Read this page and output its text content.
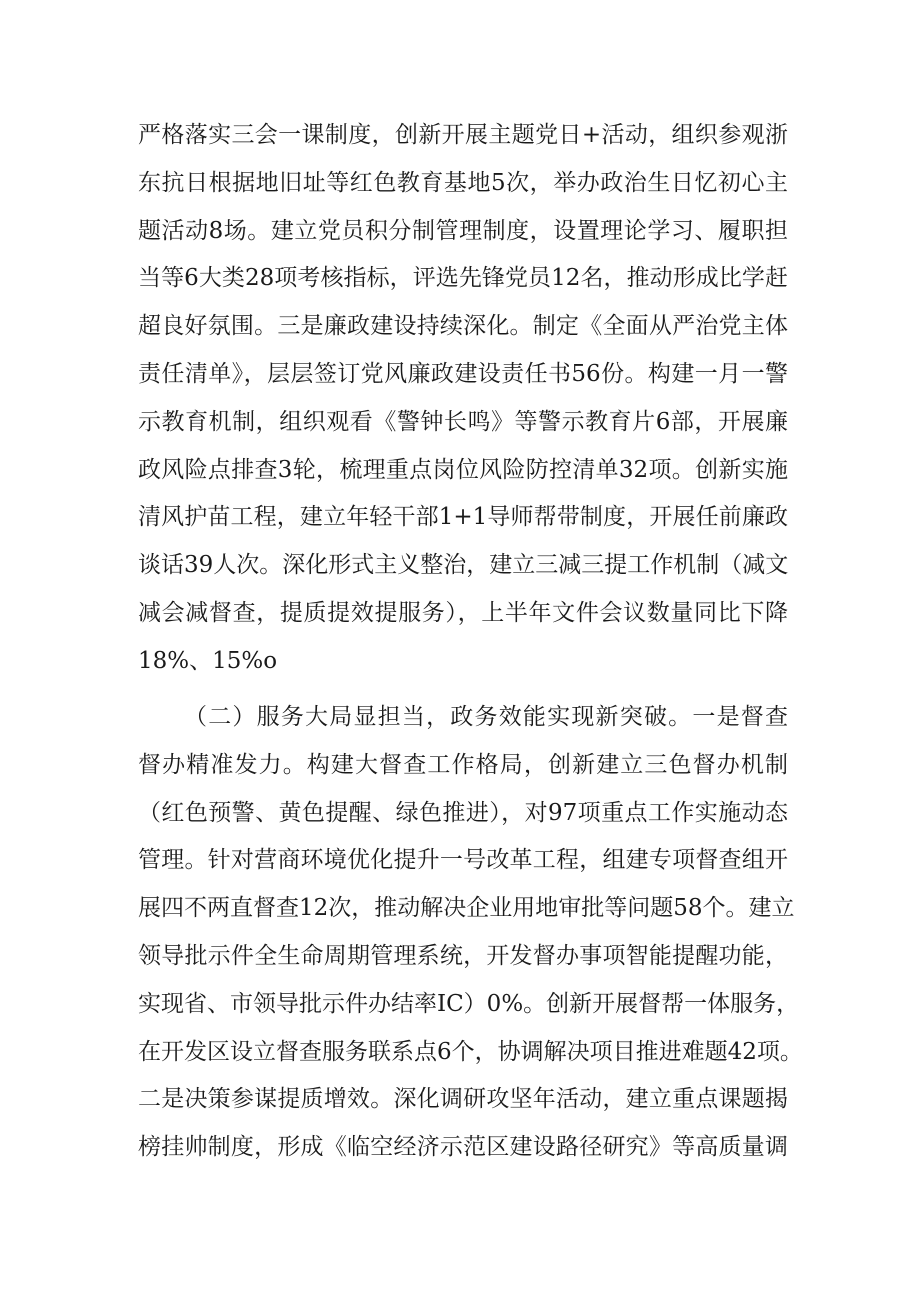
严格落实三会一课制度，创新开展主题党日+活动，组织参观浙
东抗日根据地旧址等红色教育基地5次，举办政治生日忆初心主
题活动8场。建立党员积分制管理制度，设置理论学习、履职担
当等6大类28项考核指标，评选先锋党员12名，推动形成比学赶
超良好氛围。三是廉政建设持续深化。制定《全面从严治党主体
责任清单》，层层签订党风廉政建设责任书56份。构建一月一警
示教育机制，组织观看《警钟长鸣》等警示教育片6部，开展廉
政风险点排查3轮，梳理重点岗位风险防控清单32项。创新实施
清风护苗工程，建立年轻干部1+1导师帮带制度，开展任前廉政
谈话39人次。深化形式主义整治，建立三减三提工作机制（减文
减会减督查，提质提效提服务），上半年文件会议数量同比下降
18%、15%o
（二）服务大局显担当，政务效能实现新突破。一是督查
督办精准发力。构建大督查工作格局，创新建立三色督办机制
（红色预警、黄色提醒、绿色推进），对97项重点工作实施动态
管理。针对营商环境优化提升一号改革工程，组建专项督查组开
展四不两直督查12次，推动解决企业用地审批等问题58个。建立
领导批示件全生命周期管理系统，开发督办事项智能提醒功能，
实现省、市领导批示件办结率IC）0%。创新开展督帮一体服务，
在开发区设立督查服务联系点6个，协调解决项目推进难题42项。
二是决策参谋提质增效。深化调研攻坚年活动，建立重点课题揭
榜挂帅制度，形成《临空经济示范区建设路径研究》等高质量调
